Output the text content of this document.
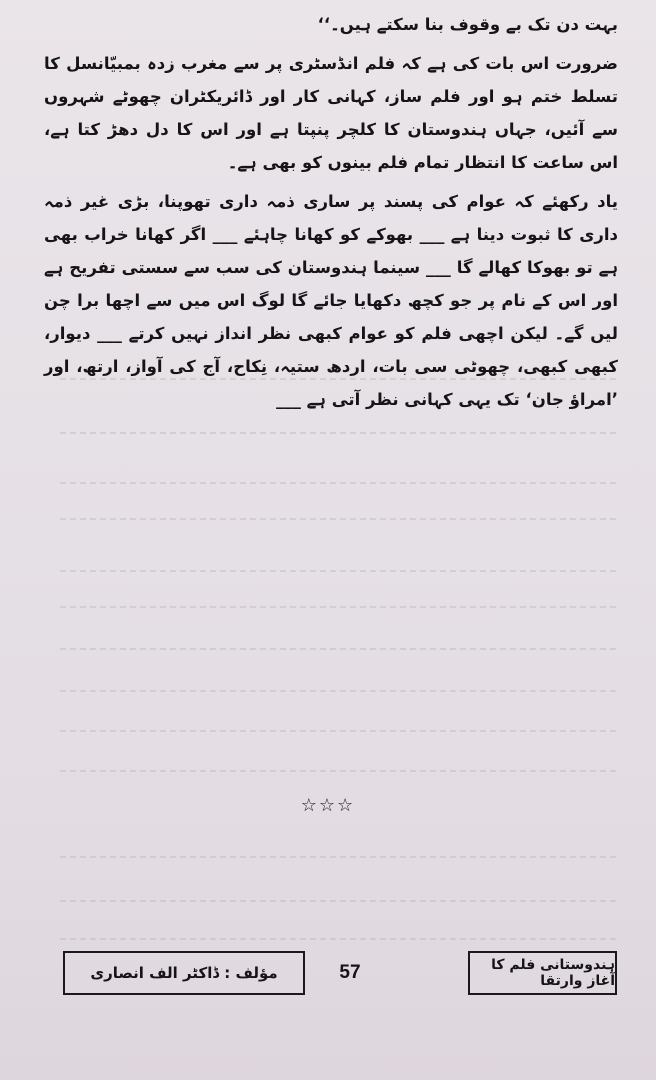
بہت دن تک بے وقوف بنا سکتے ہیں۔‘‘

ضرورت اس بات کی ہے کہ فلم انڈسٹری پر سے مغرب زدہ بمبیّانسل کا تسلط ختم ہو اور فلم ساز، کہانی کار اور ڈائریکٹران چھوٹے شہروں سے آئیں، جہاں ہندوستان کا کلچر پنپتا ہے اور اس کا دل دھڑ کتا ہے، اس ساعت کا انتظار تمام فلم بینوں کو بھی ہے۔

یاد رکھئے کہ عوام کی پسند پر ساری ذمہ داری تھوپنا، بڑی غیر ذمہ داری کا ثبوت دینا ہے ___ بھوکے کو کھانا چاہئے ___ اگر کھانا خراب بھی ہے تو بھوکا کھالے گا ___ سینما ہندوستان کی سب سے سستی تفریح ہے اور اس کے نام پر جو کچھ دکھایا جائے گا لوگ اس میں سے اچھا برا چن لیں گے۔ لیکن اچھی فلم کو عوام کبھی نظر انداز نہیں کرتے ___ دیوار، کبھی کبھی، چھوٹی سی بات، اردھ ستیہ، نِکاح، آج کی آواز، ارتھ، اور ’امراؤ جان‘ تک یہی کہانی نظر آتی ہے ___

☆☆☆
مؤلف : ڈاکٹر الف انصاری	57	ہندوستانی فلم کا آغاز وارتقا
